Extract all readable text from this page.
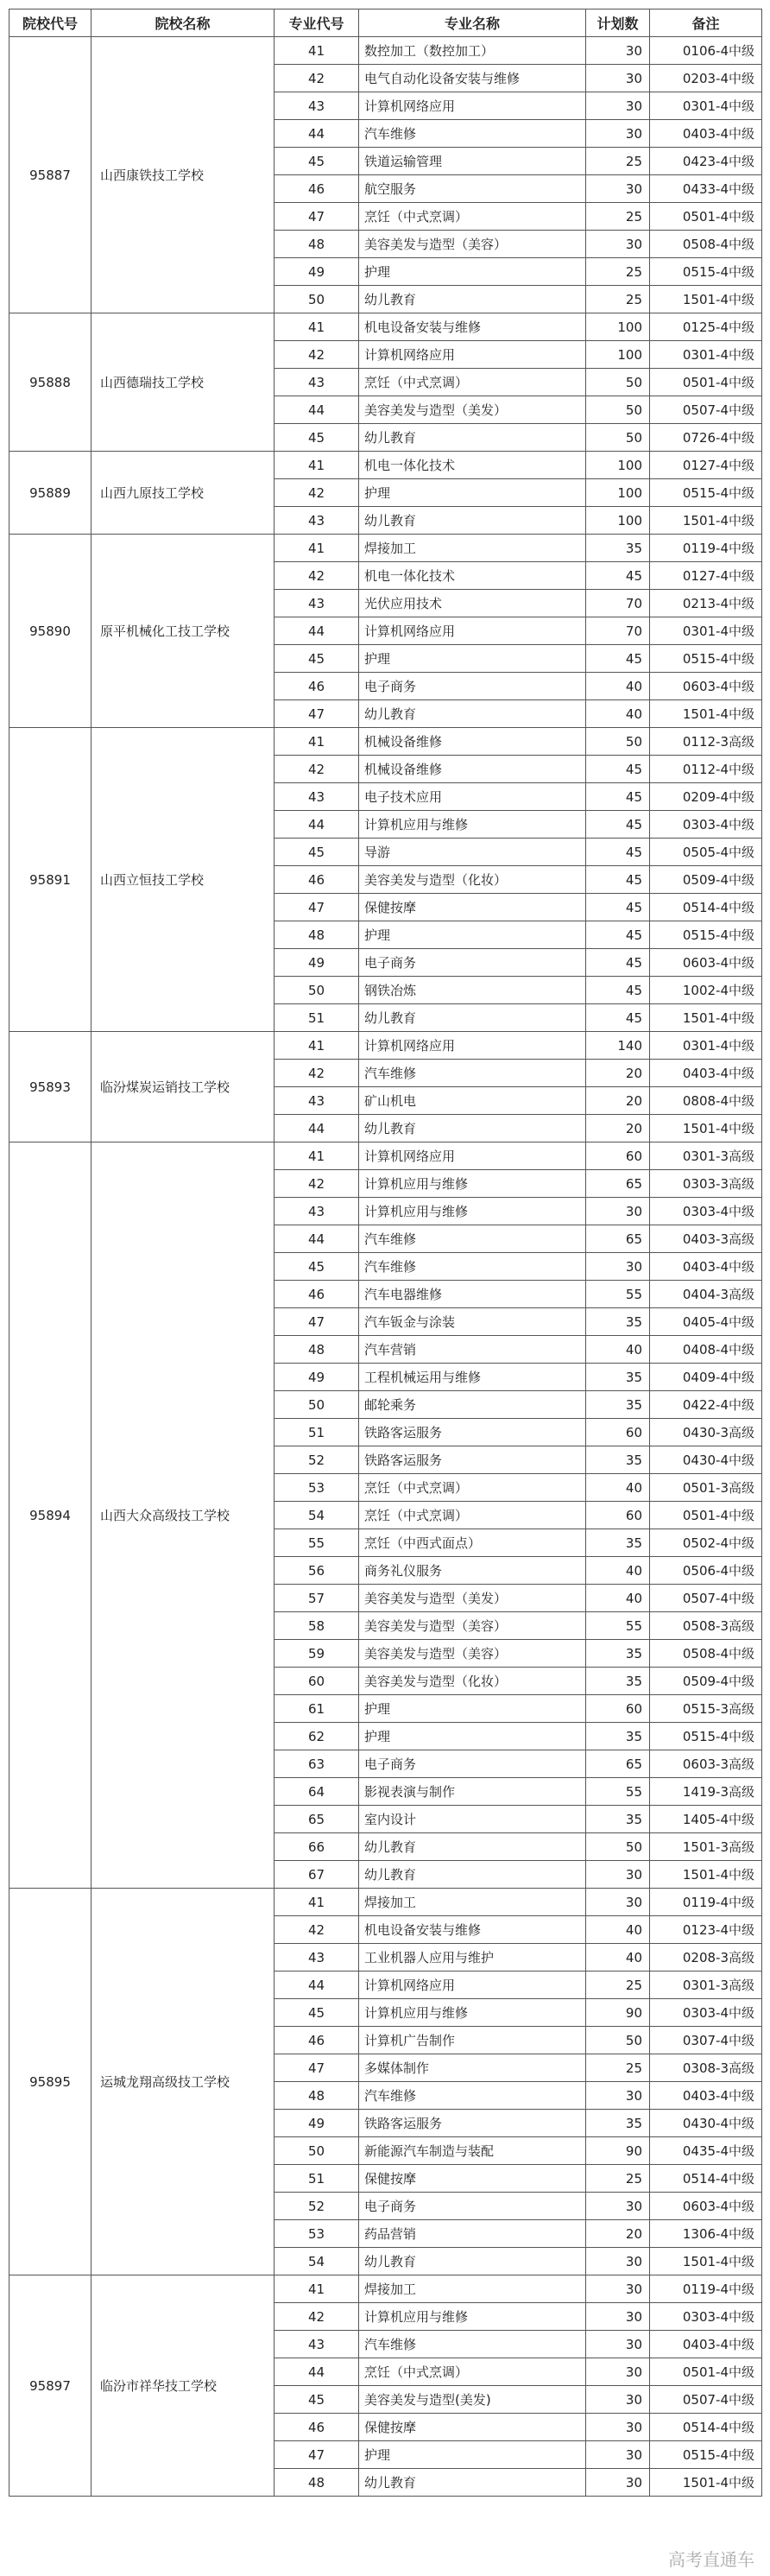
院校代号	院校名称	专业代号	专业名称	计划数	备注
95887	山西康铁技工学校	41	数控加工（数控加工）	30	0106-4中级
		42	电气自动化设备安装与维修	30	0203-4中级
		43	计算机网络应用	30	0301-4中级
		44	汽车维修	30	0403-4中级
		45	铁道运输管理	25	0423-4中级
		46	航空服务	30	0433-4中级
		47	烹饪（中式烹调）	25	0501-4中级
		48	美容美发与造型（美容）	30	0508-4中级
		49	护理	25	0515-4中级
		50	幼儿教育	25	1501-4中级
95888	山西德瑞技工学校	41	机电设备安装与维修	100	0125-4中级
		42	计算机网络应用	100	0301-4中级
		43	烹饪（中式烹调）	50	0501-4中级
		44	美容美发与造型（美发）	50	0507-4中级
		45	幼儿教育	50	0726-4中级
95889	山西九原技工学校	41	机电一体化技术	100	0127-4中级
		42	护理	100	0515-4中级
		43	幼儿教育	100	1501-4中级
95890	原平机械化工技工学校	41	焊接加工	35	0119-4中级
		42	机电一体化技术	45	0127-4中级
		43	光伏应用技术	70	0213-4中级
		44	计算机网络应用	70	0301-4中级
		45	护理	45	0515-4中级
		46	电子商务	40	0603-4中级
		47	幼儿教育	40	1501-4中级
95891	山西立恒技工学校	41	机械设备维修	50	0112-3高级
		42	机械设备维修	45	0112-4中级
		43	电子技术应用	45	0209-4中级
		44	计算机应用与维修	45	0303-4中级
		45	导游	45	0505-4中级
		46	美容美发与造型（化妆）	45	0509-4中级
		47	保健按摩	45	0514-4中级
		48	护理	45	0515-4中级
		49	电子商务	45	0603-4中级
		50	钢铁冶炼	45	1002-4中级
		51	幼儿教育	45	1501-4中级
95893	临汾煤炭运销技工学校	41	计算机网络应用	140	0301-4中级
		42	汽车维修	20	0403-4中级
		43	矿山机电	20	0808-4中级
		44	幼儿教育	20	1501-4中级
95894	山西大众高级技工学校	41	计算机网络应用	60	0301-3高级
		42	计算机应用与维修	65	0303-3高级
		43	计算机应用与维修	30	0303-4中级
		44	汽车维修	65	0403-3高级
		45	汽车维修	30	0403-4中级
		46	汽车电器维修	55	0404-3高级
		47	汽车钣金与涂装	35	0405-4中级
		48	汽车营销	40	0408-4中级
		49	工程机械运用与维修	35	0409-4中级
		50	邮轮乘务	35	0422-4中级
		51	铁路客运服务	60	0430-3高级
		52	铁路客运服务	35	0430-4中级
		53	烹饪（中式烹调）	40	0501-3高级
		54	烹饪（中式烹调）	60	0501-4中级
		55	烹饪（中西式面点）	35	0502-4中级
		56	商务礼仪服务	40	0506-4中级
		57	美容美发与造型（美发）	40	0507-4中级
		58	美容美发与造型（美容）	55	0508-3高级
		59	美容美发与造型（美容）	35	0508-4中级
		60	美容美发与造型（化妆）	35	0509-4中级
		61	护理	60	0515-3高级
		62	护理	35	0515-4中级
		63	电子商务	65	0603-3高级
		64	影视表演与制作	55	1419-3高级
		65	室内设计	35	1405-4中级
		66	幼儿教育	50	1501-3高级
		67	幼儿教育	30	1501-4中级
95895	运城龙翔高级技工学校	41	焊接加工	30	0119-4中级
		42	机电设备安装与维修	40	0123-4中级
		43	工业机器人应用与维护	40	0208-3高级
		44	计算机网络应用	25	0301-3高级
		45	计算机应用与维修	90	0303-4中级
		46	计算机广告制作	50	0307-4中级
		47	多媒体制作	25	0308-3高级
		48	汽车维修	30	0403-4中级
		49	铁路客运服务	35	0430-4中级
		50	新能源汽车制造与装配	90	0435-4中级
		51	保健按摩	25	0514-4中级
		52	电子商务	30	0603-4中级
		53	药品营销	20	1306-4中级
		54	幼儿教育	30	1501-4中级
95897	临汾市祥华技工学校	41	焊接加工	30	0119-4中级
		42	计算机应用与维修	30	0303-4中级
		43	汽车维修	30	0403-4中级
		44	烹饪（中式烹调）	30	0501-4中级
		45	美容美发与造型(美发)	30	0507-4中级
		46	保健按摩	30	0514-4中级
		47	护理	30	0515-4中级
		48	幼儿教育	30	1501-4中级
高考直通车
